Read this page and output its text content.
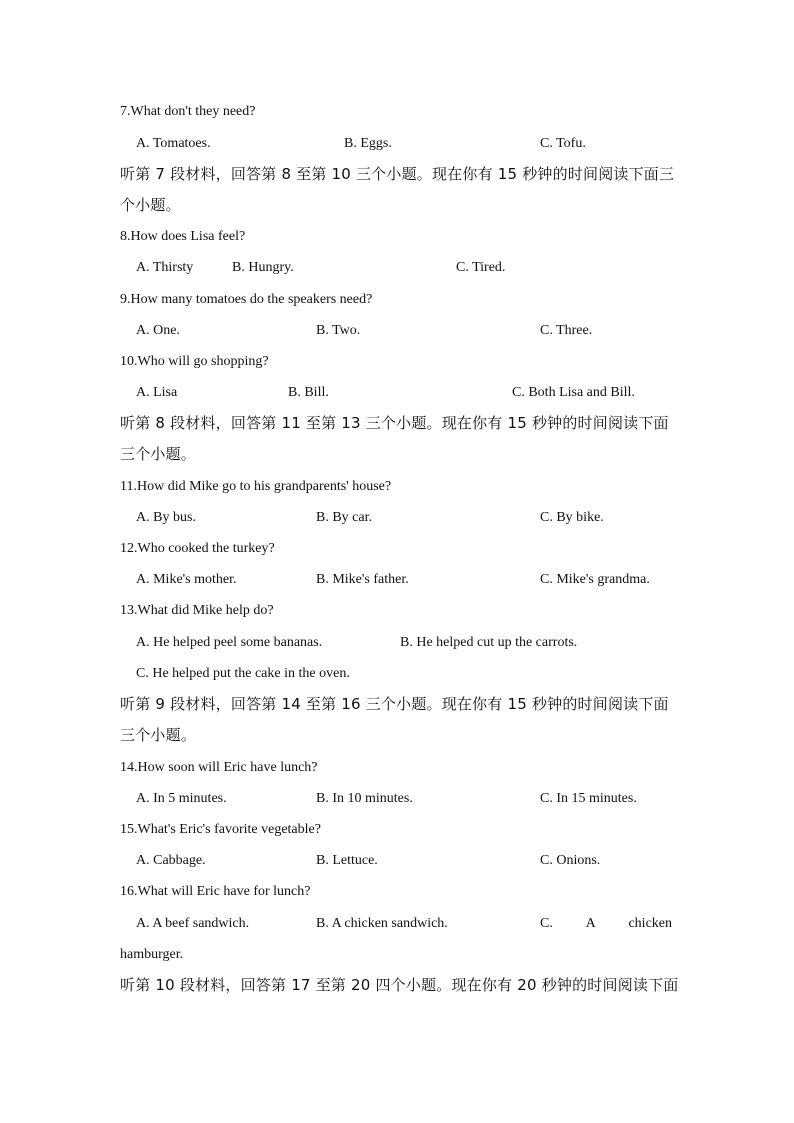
7.What don't they need?
A. Tomatoes.	B. Eggs.	C. Tofu.
听第 7 段材料，回答第 8 至第 10 三个小题。现在你有 15 秒钟的时间阅读下面三
个小题。
8.How does Lisa feel?
A. Thirsty	B. Hungry.	C. Tired.
9.How many tomatoes do the speakers need?
A. One.	B. Two.	C. Three.
10.Who will go shopping?
A. Lisa	B. Bill.	C. Both Lisa and Bill.
听第 8 段材料，回答第 11 至第 13 三个小题。现在你有 15 秒钟的时间阅读下面
三个小题。
11.How did Mike go to his grandparents' house?
A. By bus.	B. By car.	C. By bike.
12.Who cooked the turkey?
A. Mike's mother.	B. Mike's father.	C. Mike's grandma.
13.What did Mike help do?
A. He helped peel some bananas.	B. He helped cut up the carrots.
C. He helped put the cake in the oven.
听第 9 段材料，回答第 14 至第 16 三个小题。现在你有 15 秒钟的时间阅读下面
三个小题。
14.How soon will Eric have lunch?
A. In 5 minutes.	B. In 10 minutes.	C. In 15 minutes.
15.What's Eric's favorite vegetable?
A. Cabbage.	B. Lettuce.	C. Onions.
16.What will Eric have for lunch?
A. A beef sandwich.	B. A chicken sandwich.	C. A chicken
hamburger.
听第 10 段材料，回答第 17 至第 20 四个小题。现在你有 20 秒钟的时间阅读下面
